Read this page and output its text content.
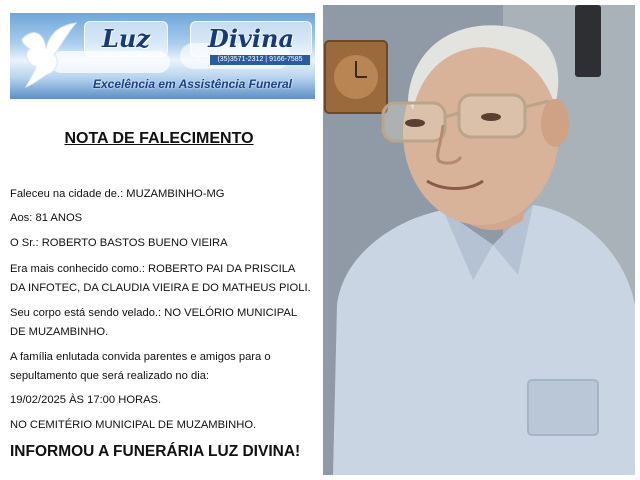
Luz	Divina
(35)3571-2312 | 9166-7585
Excelência em Assistência Funeral
NOTA DE FALECIMENTO
Faleceu na cidade de.: MUZAMBINHO-MG
Aos: 81 ANOS
O Sr.: ROBERTO BASTOS BUENO VIEIRA
Era mais conhecido como.: ROBERTO PAI DA PRISCILA
DA INFOTEC, DA CLAUDIA VIEIRA E DO MATHEUS PIOLI.
Seu corpo está sendo velado.: NO VELÓRIO MUNICIPAL
DE MUZAMBINHO.
A família enlutada convida parentes e amigos para o
sepultamento que será realizado no dia:
19/02/2025 ÀS 17:00 HORAS.
NO CEMITÉRIO MUNICIPAL DE MUZAMBINHO.
INFORMOU A FUNERÁRIA LUZ DIVINA!
